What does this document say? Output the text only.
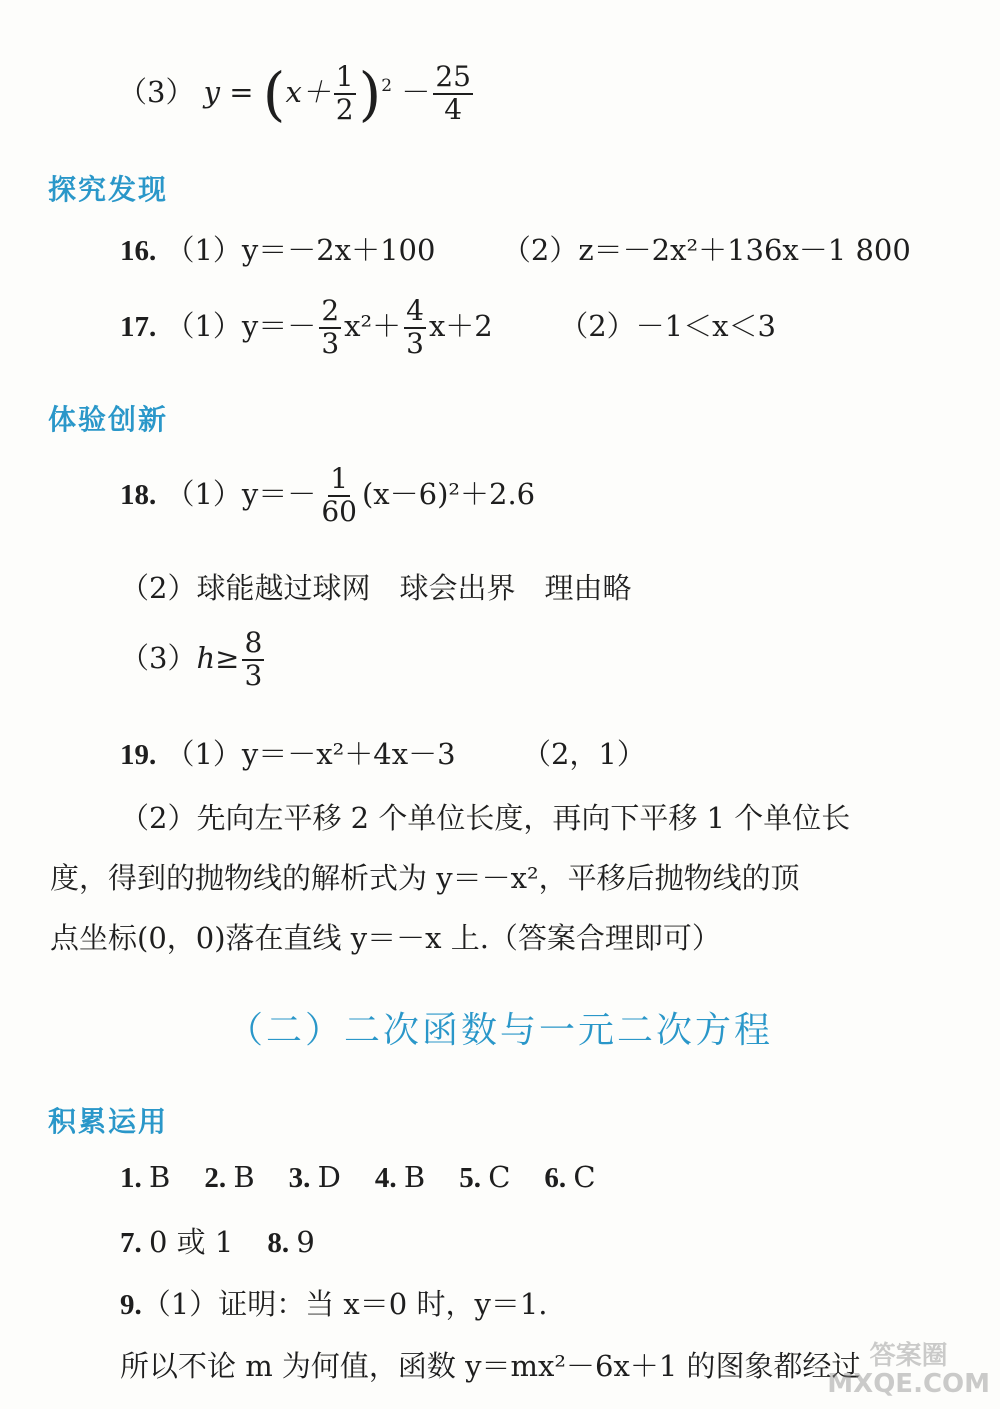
（3） $y = (x+ \frac{1}{2} )^2 - \frac{25}{4}$
探究发现
16. （1）y＝－2x＋100 （2）z＝－2x²＋136x－1 800
17. $(1)y=- \frac{2}{3} x^2+ \frac{4}{3} x+2$ （2）－1＜x＜3
体验创新
18. $(1)y=- \frac{1}{60} (x-6)^2+2.6$
（2）球能越过球网　球会出界　理由略
$(3)h\ge \frac{8}{3}$
19. （1）y＝－x²＋4x－3 （2，1）
（2）先向左平移 2 个单位长度，再向下平移 1 个单位长
度，得到的抛物线的解析式为 y＝－x²，平移后抛物线的顶
点坐标(0，0)落在直线 y＝－x 上.（答案合理即可）
（二）二次函数与一元二次方程
积累运用
1. B 2. B 3. D 4. B 5. C 6. C
7. 0 或 1 8. 9
9.（1）证明：当 x＝0 时，y＝1.
所以不论 m 为何值，函数 y＝mx²－6x＋1 的图象都经过 答案圈
MXQE.COM
